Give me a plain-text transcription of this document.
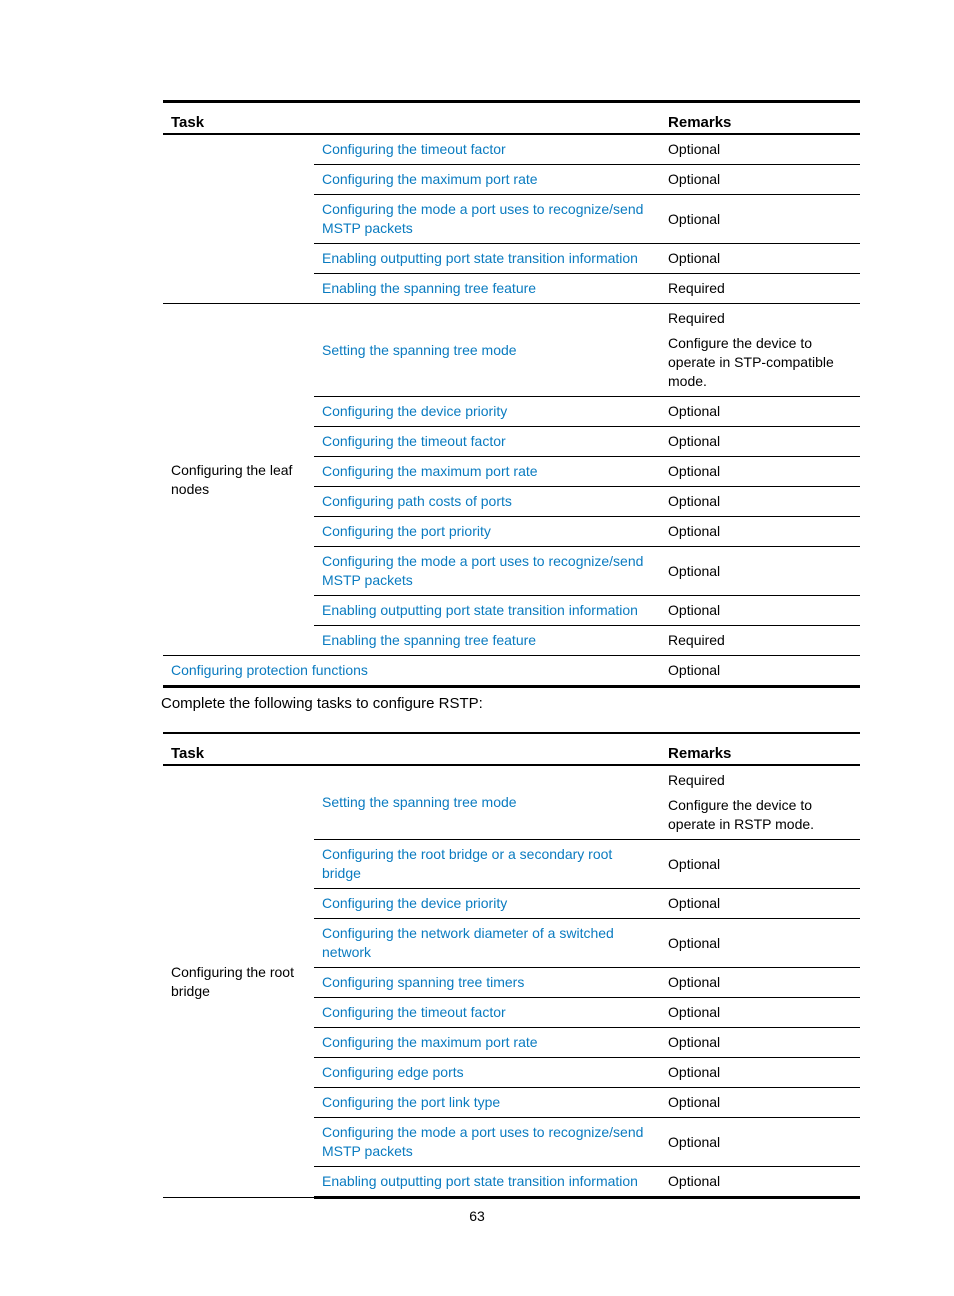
Task		Remarks
	Configuring the timeout factor	Optional
	Configuring the maximum port rate	Optional
	Configuring the mode a port uses to recognize/send MSTP packets	Optional
	Enabling outputting port state transition information	Optional
	Enabling the spanning tree feature	Required
Configuring the leaf nodes	Setting the spanning tree mode	Required

Configure the device to operate in STP-compatible mode.

	Configuring the device priority	Optional
	Configuring the timeout factor	Optional
	Configuring the maximum port rate	Optional
	Configuring path costs of ports	Optional
	Configuring the port priority	Optional
	Configuring the mode a port uses to recognize/send MSTP packets	Optional
	Enabling outputting port state transition information	Optional
	Enabling the spanning tree feature	Required
Configuring protection functions		Optional
Complete the following tasks to configure RSTP:
Task		Remarks
Configuring the root bridge	Setting the spanning tree mode	Required

Configure the device to operate in RSTP mode.

	Configuring the root bridge or a secondary root bridge	Optional
	Configuring the device priority	Optional
	Configuring the network diameter of a switched network	Optional
	Configuring spanning tree timers	Optional
	Configuring the timeout factor	Optional
	Configuring the maximum port rate	Optional
	Configuring edge ports	Optional
	Configuring the port link type	Optional
	Configuring the mode a port uses to recognize/send MSTP packets	Optional
	Enabling outputting port state transition information	Optional
63
